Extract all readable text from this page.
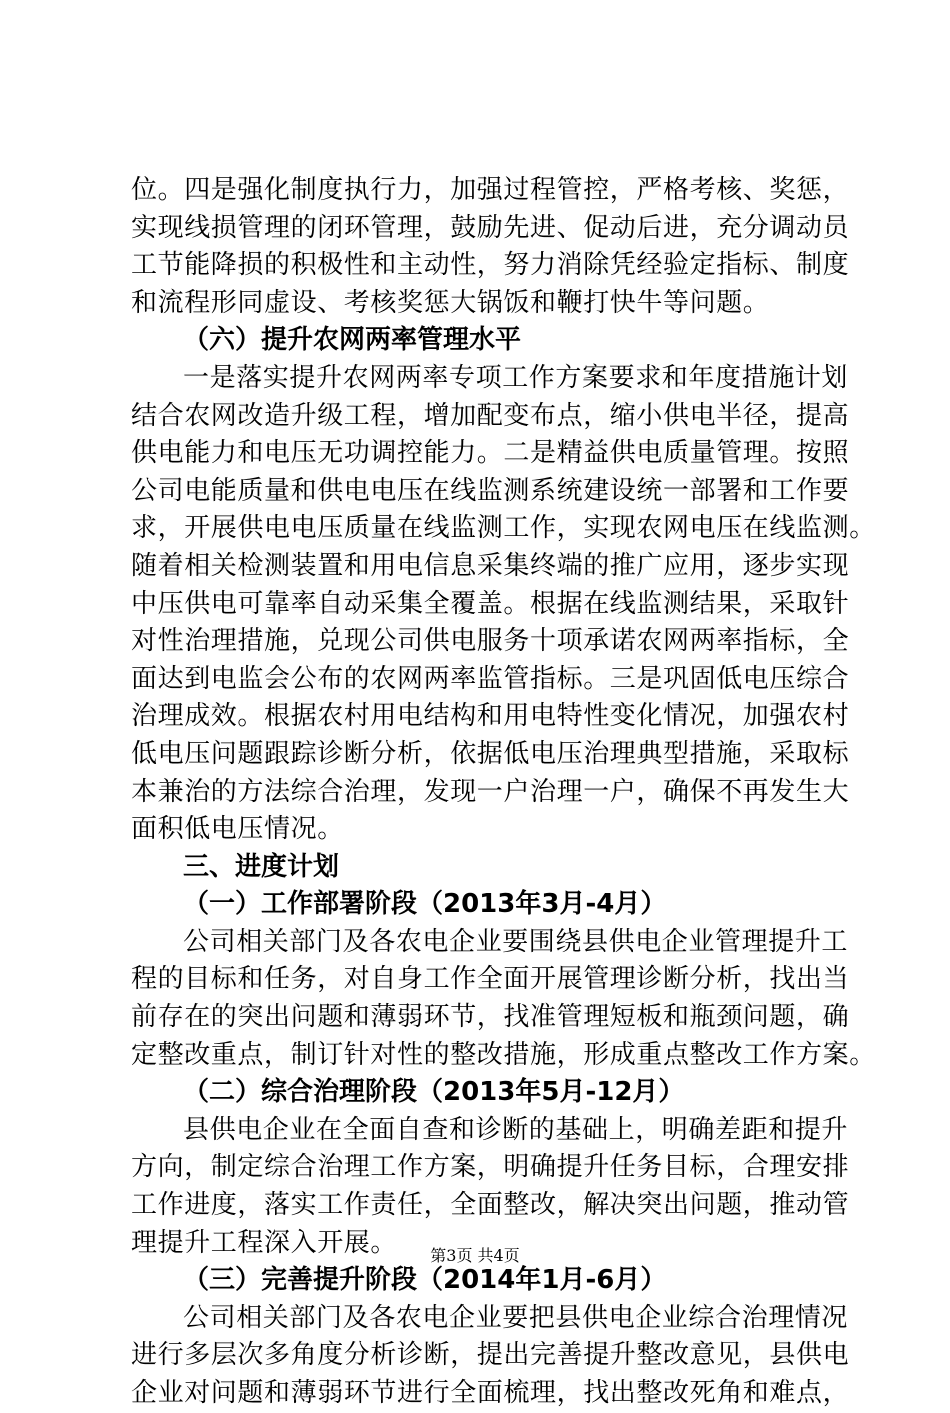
位。四是强化制度执行力，加强过程管控，严格考核、奖惩，
实现线损管理的闭环管理，鼓励先进、促动后进，充分调动员
工节能降损的积极性和主动性，努力消除凭经验定指标、制度
和流程形同虚设、考核奖惩大锅饭和鞭打快牛等问题。
（六）提升农网两率管理水平
一是落实提升农网两率专项工作方案要求和年度措施计划
结合农网改造升级工程，增加配变布点，缩小供电半径，提高
供电能力和电压无功调控能力。二是精益供电质量管理。按照
公司电能质量和供电电压在线监测系统建设统一部署和工作要
求，开展供电电压质量在线监测工作，实现农网电压在线监测。
随着相关检测装置和用电信息采集终端的推广应用，逐步实现
中压供电可靠率自动采集全覆盖。根据在线监测结果，采取针
对性治理措施，兑现公司供电服务十项承诺农网两率指标，全
面达到电监会公布的农网两率监管指标。三是巩固低电压综合
治理成效。根据农村用电结构和用电特性变化情况，加强农村
低电压问题跟踪诊断分析，依据低电压治理典型措施，采取标
本兼治的方法综合治理，发现一户治理一户，确保不再发生大
面积低电压情况。
三、进度计划
（一）工作部署阶段（2013年3月-4月）
公司相关部门及各农电企业要围绕县供电企业管理提升工
程的目标和任务，对自身工作全面开展管理诊断分析，找出当
前存在的突出问题和薄弱环节，找准管理短板和瓶颈问题，确
定整改重点，制订针对性的整改措施，形成重点整改工作方案。
（二）综合治理阶段（2013年5月-12月）
县供电企业在全面自查和诊断的基础上，明确差距和提升
方向，制定综合治理工作方案，明确提升任务目标，合理安排
工作进度，落实工作责任，全面整改，解决突出问题，推动管
理提升工程深入开展。
（三）完善提升阶段（2014年1月-6月）
公司相关部门及各农电企业要把县供电企业综合治理情况
进行多层次多角度分析诊断，提出完善提升整改意见，县供电
企业对问题和薄弱环节进行全面梳理，找出整改死角和难点，
第3页 共4页
